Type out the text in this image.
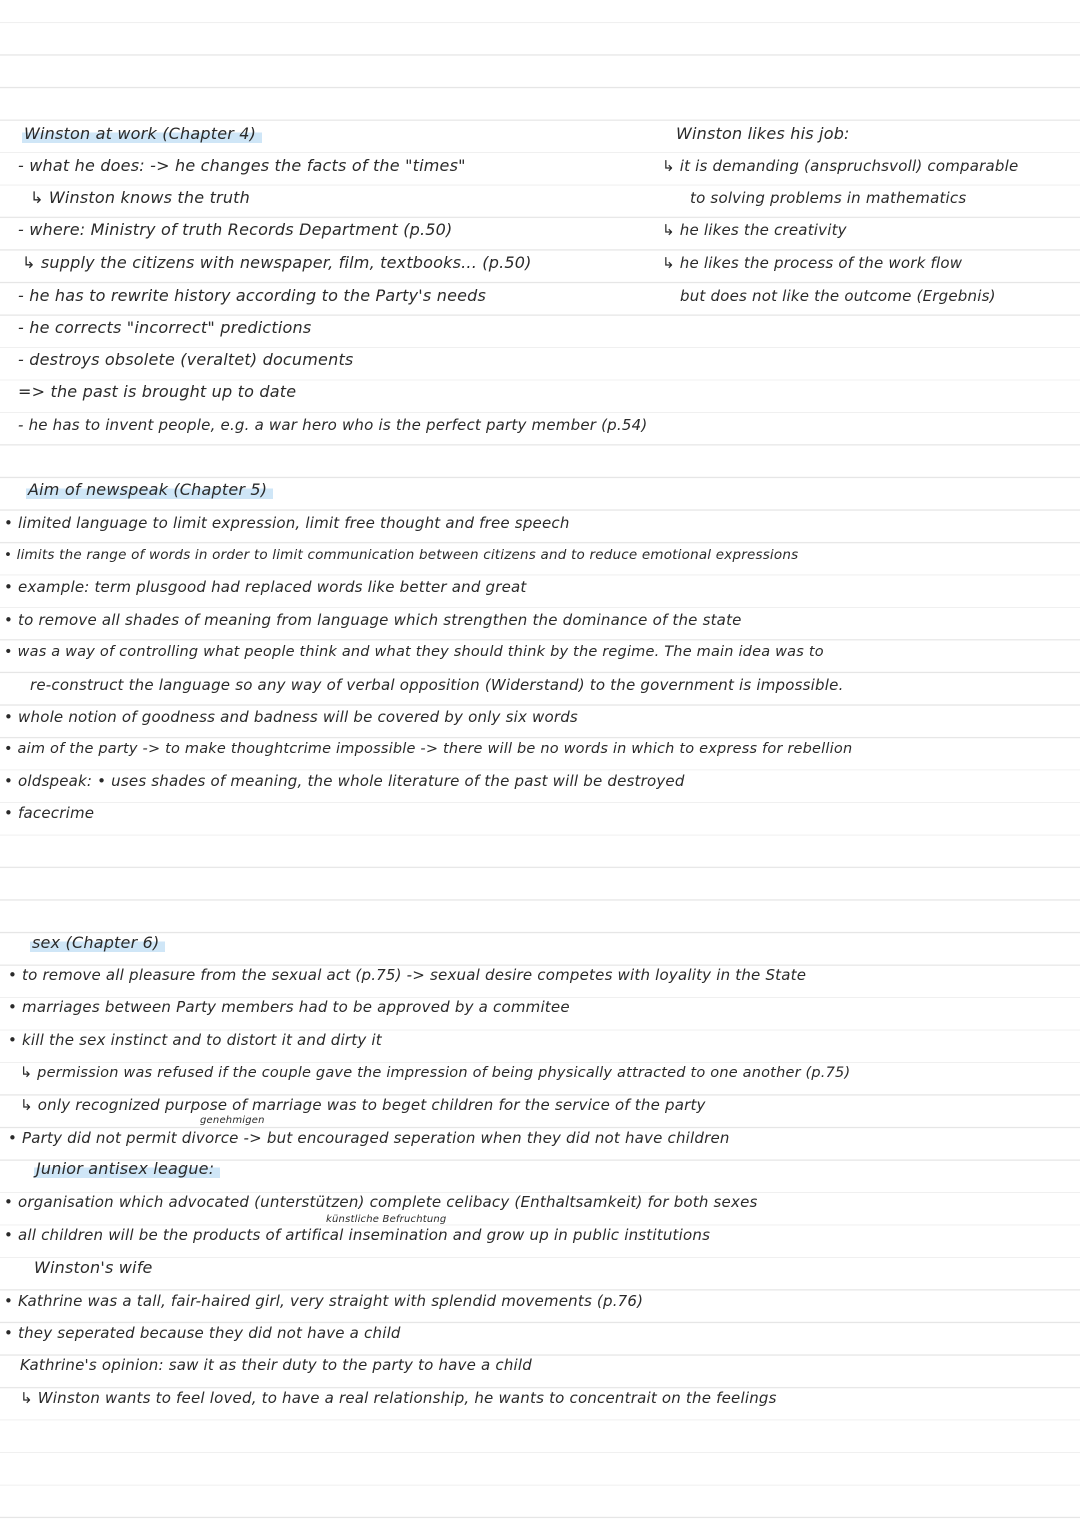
Winston at work (Chapter 4)
- what he does: -> he changes the facts of the "times"
↳ Winston knows the truth
- where: Ministry of truth Records Department (p.50)
↳ supply the citizens with newspaper, film, textbooks... (p.50)
- he has to rewrite history according to the Party's needs
- he corrects "incorrect" predictions
- destroys obsolete (veraltet) documents
=> the past is brought up to date
- he has to invent people, e.g. a war hero who is the perfect party member (p.54)
Winston likes his job:
↳ it is demanding (anspruchsvoll) comparable
to solving problems in mathematics
↳ he likes the creativity
↳ he likes the process of the work flow
but does not like the outcome (Ergebnis)
Aim of newspeak (Chapter 5)
• limited language to limit expression, limit free thought and free speech
• limits the range of words in order to limit communication between citizens and to reduce emotional expressions
• example: term plusgood had replaced words like better and great
• to remove all shades of meaning from language which strengthen the dominance of the state
• was a way of controlling what people think and what they should think by the regime. The main idea was to
re-construct the language so any way of verbal opposition (Widerstand) to the government is impossible.
• whole notion of goodness and badness will be covered by only six words
• aim of the party -> to make thoughtcrime impossible -> there will be no words in which to express for rebellion
• oldspeak: • uses shades of meaning, the whole literature of the past will be destroyed
• facecrime
sex (Chapter 6)
• to remove all pleasure from the sexual act (p.75) -> sexual desire competes with loyality in the State
• marriages between Party members had to be approved by a commitee
• kill the sex instinct and to distort it and dirty it
↳ permission was refused if the couple gave the impression of being physically attracted to one another (p.75)
↳ only recognized purpose of marriage was to beget children for the service of the party
genehmigen
• Party did not permit divorce -> but encouraged seperation when they did not have children
Junior antisex league:
• organisation which advocated (unterstützen) complete celibacy (Enthaltsamkeit) for both sexes
künstliche Befruchtung
• all children will be the products of artifical insemination and grow up in public institutions
Winston's wife
• Kathrine was a tall, fair-haired girl, very straight with splendid movements (p.76)
• they seperated because they did not have a child
Kathrine's opinion: saw it as their duty to the party to have a child
↳ Winston wants to feel loved, to have a real relationship, he wants to concentrait on the feelings
